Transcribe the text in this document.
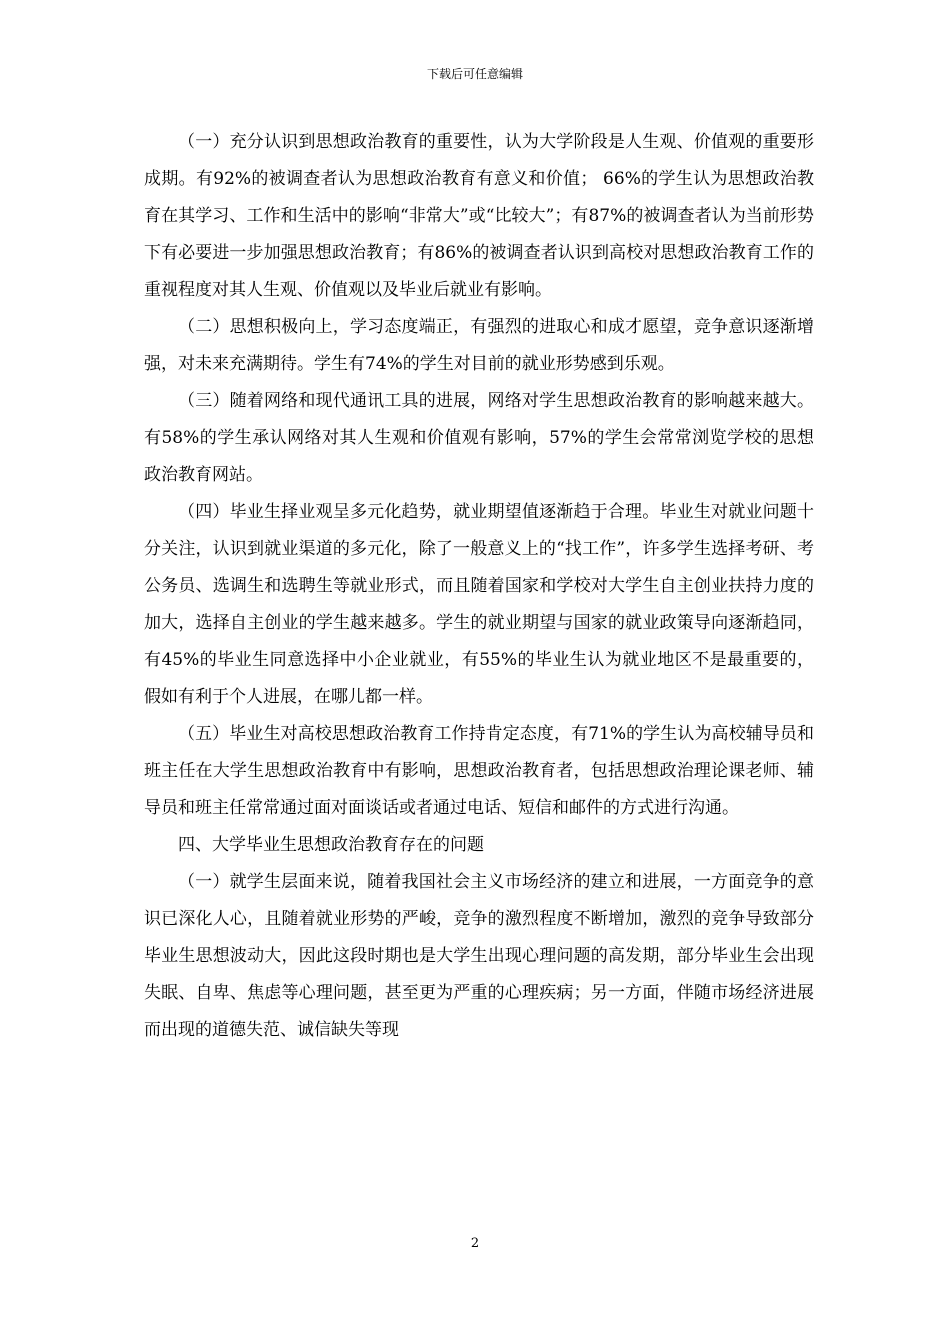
下载后可任意编辑

（一）充分认识到思想政治教育的重要性，认为大学阶段是人生观、价值观的重要形成期。有92%的被调查者认为思想政治教育有意义和价值； 66%的学生认为思想政治教育在其学习、工作和生活中的影响“非常大”或“比较大”；有87%的被调查者认为当前形势下有必要进一步加强思想政治教育；有86%的被调查者认识到高校对思想政治教育工作的重视程度对其人生观、价值观以及毕业后就业有影响。

（二）思想积极向上，学习态度端正，有强烈的进取心和成才愿望，竞争意识逐渐增强，对未来充满期待。学生有74%的学生对目前的就业形势感到乐观。

（三）随着网络和现代通讯工具的进展，网络对学生思想政治教育的影响越来越大。有58%的学生承认网络对其人生观和价值观有影响，57%的学生会常常浏览学校的思想政治教育网站。

（四）毕业生择业观呈多元化趋势，就业期望值逐渐趋于合理。毕业生对就业问题十分关注，认识到就业渠道的多元化，除了一般意义上的“找工作”，许多学生选择考研、考公务员、选调生和选聘生等就业形式，而且随着国家和学校对大学生自主创业扶持力度的加大，选择自主创业的学生越来越多。学生的就业期望与国家的就业政策导向逐渐趋同，有45%的毕业生同意选择中小企业就业，有55%的毕业生认为就业地区不是最重要的，假如有利于个人进展，在哪儿都一样。

（五）毕业生对高校思想政治教育工作持肯定态度，有71%的学生认为高校辅导员和班主任在大学生思想政治教育中有影响，思想政治教育者，包括思想政治理论课老师、辅导员和班主任常常通过面对面谈话或者通过电话、短信和邮件的方式进行沟通。

四、大学毕业生思想政治教育存在的问题

（一）就学生层面来说，随着我国社会主义市场经济的建立和进展，一方面竞争的意识已深化人心，且随着就业形势的严峻，竞争的激烈程度不断增加，激烈的竞争导致部分毕业生思想波动大，因此这段时期也是大学生出现心理问题的高发期，部分毕业生会出现失眠、自卑、焦虑等心理问题，甚至更为严重的心理疾病；另一方面，伴随市场经济进展而出现的道德失范、诚信缺失等现

2
